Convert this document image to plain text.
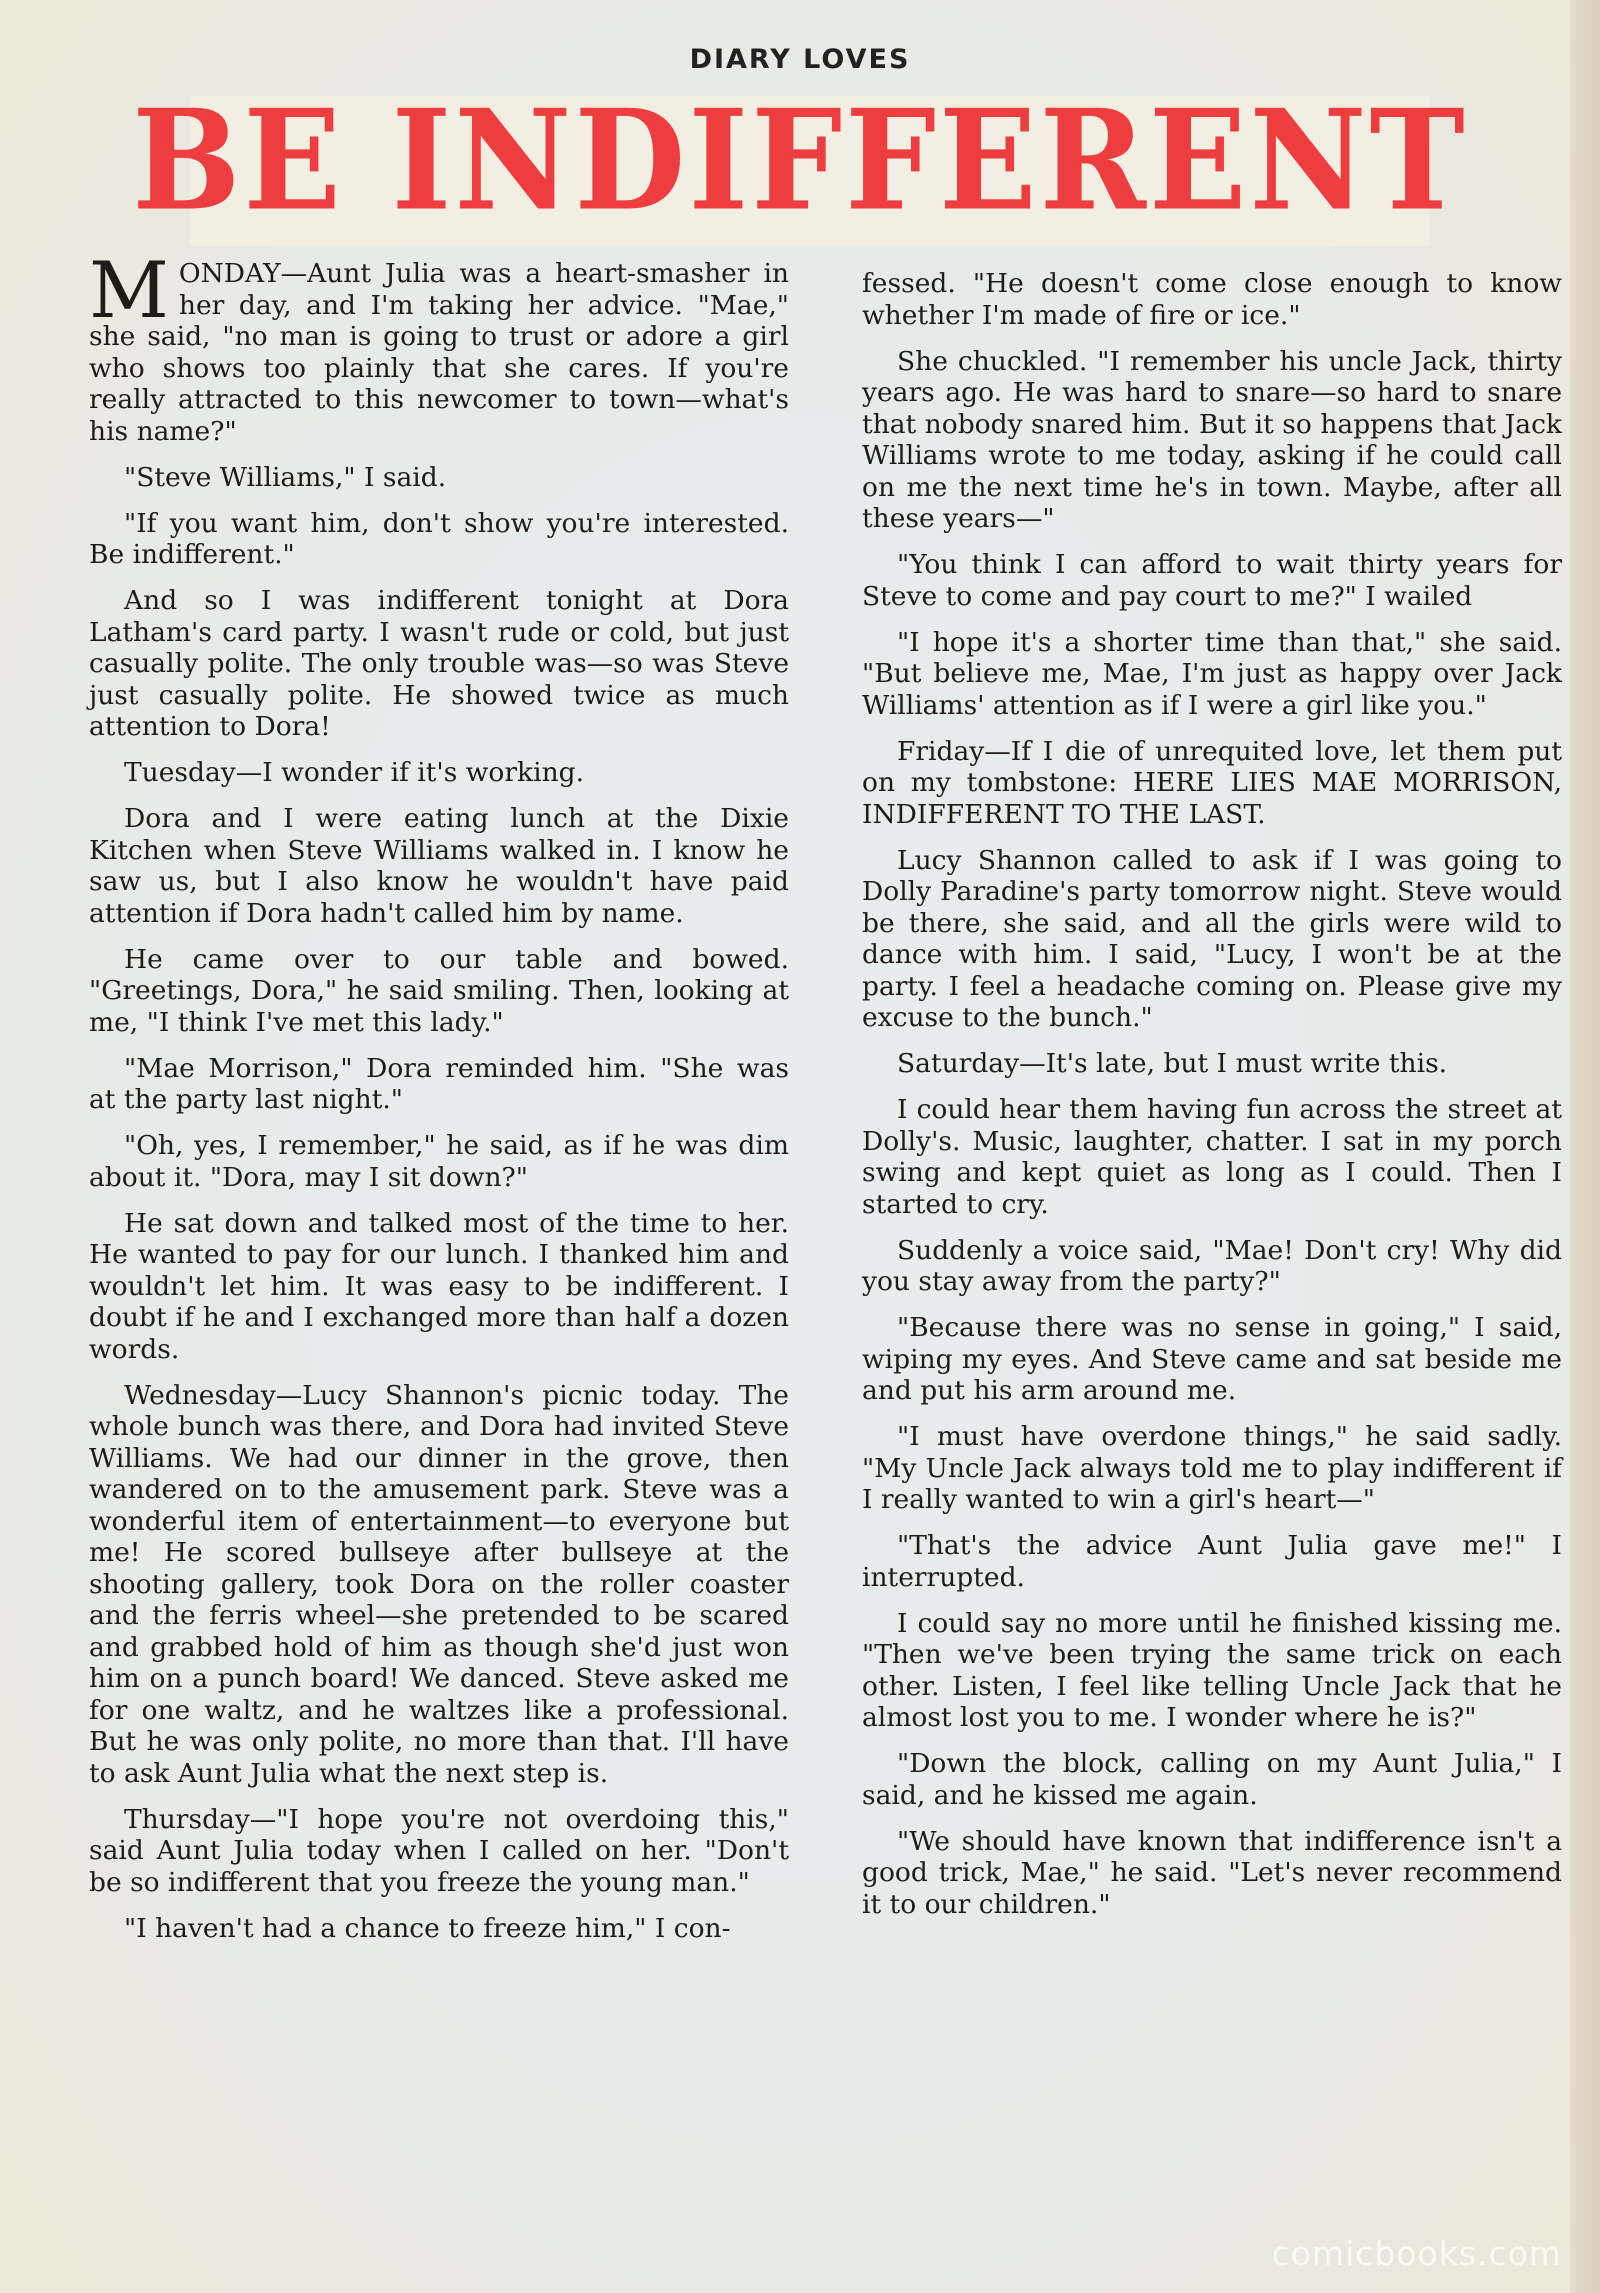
DIARY LOVES
BE INDIFFERENT

MONDAY—Aunt Julia was a heart-smasher in her day, and I'm taking her advice. "Mae," she said, "no man is going to trust or adore a girl who shows too plainly that she cares. If you're really attracted to this newcomer to town—what's his name?"

"Steve Williams," I said.

"If you want him, don't show you're interested. Be indifferent."

And so I was indifferent tonight at Dora Latham's card party. I wasn't rude or cold, but just casually polite. The only trouble was—so was Steve just casually polite. He showed twice as much attention to Dora!

Tuesday—I wonder if it's working.

Dora and I were eating lunch at the Dixie Kitchen when Steve Williams walked in. I know he saw us, but I also know he wouldn't have paid attention if Dora hadn't called him by name.

He came over to our table and bowed. "Greetings, Dora," he said smiling. Then, looking at me, "I think I've met this lady."

"Mae Morrison," Dora reminded him. "She was at the party last night."

"Oh, yes, I remember," he said, as if he was dim about it. "Dora, may I sit down?"

He sat down and talked most of the time to her. He wanted to pay for our lunch. I thanked him and wouldn't let him. It was easy to be indifferent. I doubt if he and I exchanged more than half a dozen words.

Wednesday—Lucy Shannon's picnic today. The whole bunch was there, and Dora had invited Steve Williams. We had our dinner in the grove, then wandered on to the amusement park. Steve was a wonderful item of entertainment—to everyone but me! He scored bullseye after bullseye at the shooting gallery, took Dora on the roller coaster and the ferris wheel—she pretended to be scared and grabbed hold of him as though she'd just won him on a punch board! We danced. Steve asked me for one waltz, and he waltzes like a professional. But he was only polite, no more than that. I'll have to ask Aunt Julia what the next step is.

Thursday—"I hope you're not overdoing this," said Aunt Julia today when I called on her. "Don't be so indifferent that you freeze the young man."

"I haven't had a chance to freeze him," I con-

fessed. "He doesn't come close enough to know whether I'm made of fire or ice."

She chuckled. "I remember his uncle Jack, thirty years ago. He was hard to snare—so hard to snare that nobody snared him. But it so happens that Jack Williams wrote to me today, asking if he could call on me the next time he's in town. Maybe, after all these years—"

"You think I can afford to wait thirty years for Steve to come and pay court to me?" I wailed

"I hope it's a shorter time than that," she said. "But believe me, Mae, I'm just as happy over Jack Williams' attention as if I were a girl like you."

Friday—If I die of unrequited love, let them put on my tombstone: HERE LIES MAE MORRISON, INDIFFERENT TO THE LAST.

Lucy Shannon called to ask if I was going to Dolly Paradine's party tomorrow night. Steve would be there, she said, and all the girls were wild to dance with him. I said, "Lucy, I won't be at the party. I feel a headache coming on. Please give my excuse to the bunch."

Saturday—It's late, but I must write this.

I could hear them having fun across the street at Dolly's. Music, laughter, chatter. I sat in my porch swing and kept quiet as long as I could. Then I started to cry.

Suddenly a voice said, "Mae! Don't cry! Why did you stay away from the party?"

"Because there was no sense in going," I said, wiping my eyes. And Steve came and sat beside me and put his arm around me.

"I must have overdone things," he said sadly. "My Uncle Jack always told me to play indifferent if I really wanted to win a girl's heart—"

"That's the advice Aunt Julia gave me!" I interrupted.

I could say no more until he finished kissing me. "Then we've been trying the same trick on each other. Listen, I feel like telling Uncle Jack that he almost lost you to me. I wonder where he is?"

"Down the block, calling on my Aunt Julia," I said, and he kissed me again.

"We should have known that indifference isn't a good trick, Mae," he said. "Let's never recommend it to our children."

comicbooks.com
